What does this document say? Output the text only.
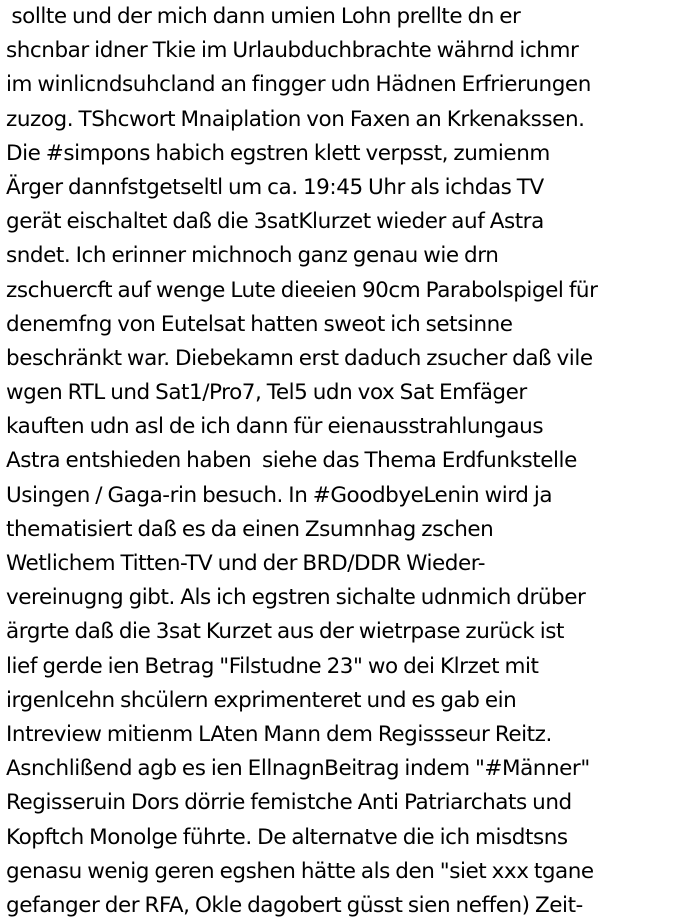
sollte und der mich dann umien Lohn prellte dn er
shcnbar idner Tkie im Urlaubduchbrachte währnd ichmr
im winlicndsuhcland an fingger udn Hädnen Erfrierungen
zuzog. TShcwort Mnaiplation von Faxen an Krkenakssen.
Die #simpons habich egstren klett verpsst, zumienm
Ärger dannfstgetseltl um ca. 19:45 Uhr als ichdas TV
gerät eischaltet daß die 3satKlurzet wieder auf Astra
sndet. Ich erinner michnoch ganz genau wie drn
zschuercft auf wenge Lute dieeien 90cm Parabolspigel für
denemfng von Eutelsat hatten sweot ich setsinne
beschränkt war. Diebekamn erst daduch zsucher daß vile
wgen RTL und Sat1/Pro7, Tel5 udn vox Sat Emfäger
kauften udn asl de ich dann für eienausstrahlungaus
Astra entshieden haben  siehe das Thema Erdfunkstelle
Usingen / Gaga-rin besuch. In #GoodbyeLenin wird ja
thematisiert daß es da einen Zsumnhag zschen
Wetlichem Titten-TV und der BRD/DDR Wieder-
vereinugng gibt. Als ich egstren sichalte udnmich drüber
ärgrte daß die 3sat Kurzet aus der wietrpase zurück ist
lief gerde ien Betrag "Filstudne 23" wo dei Klrzet mit
irgenlcehn shcülern exprimenteret und es gab ein
Intreview mitienm LAten Mann dem Regissseur Reitz.
Asnchlißend agb es ien EllnagnBeitrag indem "#Männer"
Regisseruin Dors dörrie femistche Anti Patriarchats und
Kopftch Monolge führte. De alternatve die ich misdtsns
genasu wenig geren egshen hätte als den "siet xxx tgane
gefanger der RFA, Okle dagobert güsst sien neffen) Zeit-
